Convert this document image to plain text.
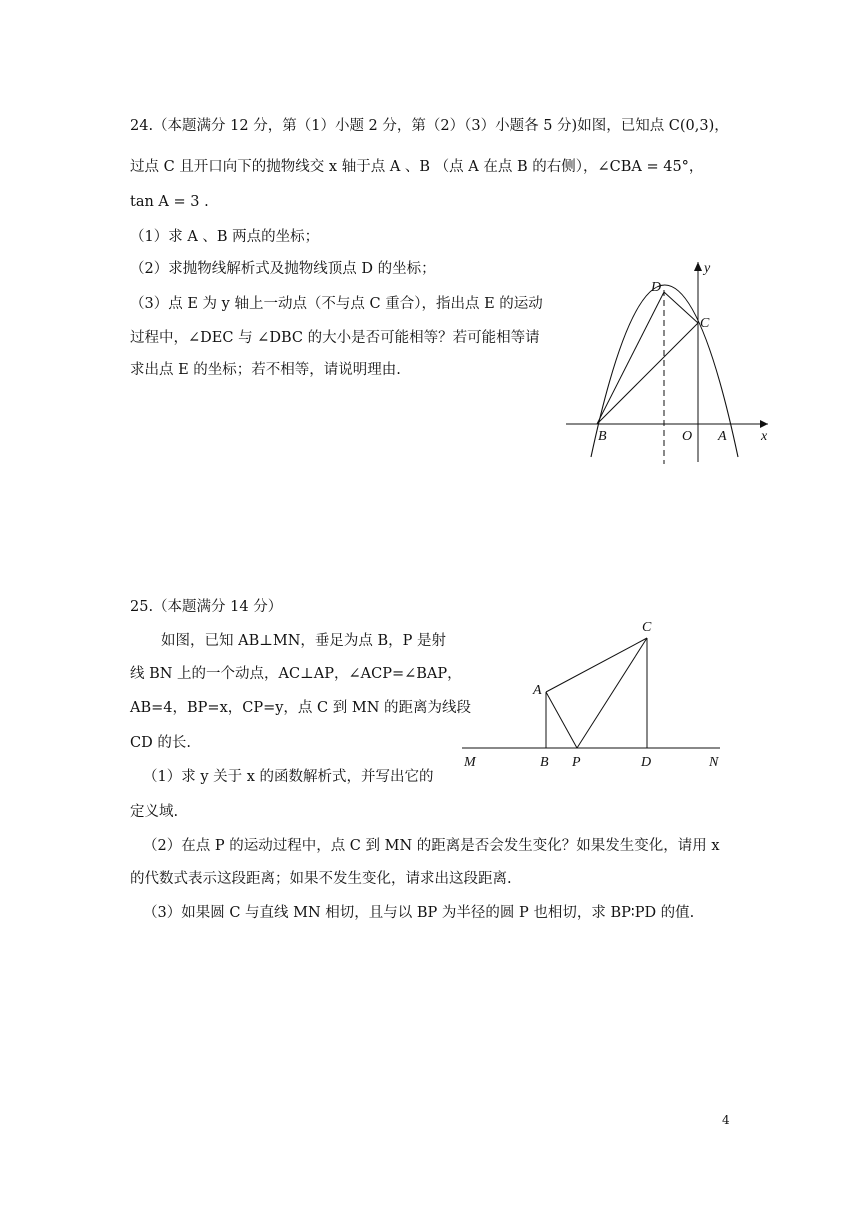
24.（本题满分 12 分，第（1）小题 2 分，第（2）（3）小题各 5 分)如图，已知点 C(0,3)，
过点 C 且开口向下的抛物线交 x 轴于点 A 、B （点 A 在点 B 的右侧），∠CBA = 45°，
tan A = 3 .
（1）求 A 、B 两点的坐标；
（2）求抛物线解析式及抛物线顶点 D 的坐标；
（3）点 E 为 y 轴上一动点（不与点 C 重合），指出点 E 的运动
过程中，∠DEC 与 ∠DBC 的大小是否可能相等？若可能相等请
求出点 E 的坐标；若不相等，请说明理由.
D
C
B	O A x
y
25.（本题满分 14 分）
如图，已知 AB⊥MN，垂足为点 B，P 是射
线 BN 上的一个动点，AC⊥AP，∠ACP=∠BAP，
AB=4，BP=x，CP=y，点 C 到 MN 的距离为线段
CD 的长.
（1）求 y 关于 x 的函数解析式，并写出它的
定义域.
（2）在点 P 的运动过程中，点 C 到 MN 的距离是否会发生变化？如果发生变化，请用 x
的代数式表示这段距离；如果不发生变化，请求出这段距离.
（3）如果圆 C 与直线 MN 相切，且与以 BP 为半径的圆 P 也相切，求 BP∶PD 的值.
C
A
M	B P	D	N
4
